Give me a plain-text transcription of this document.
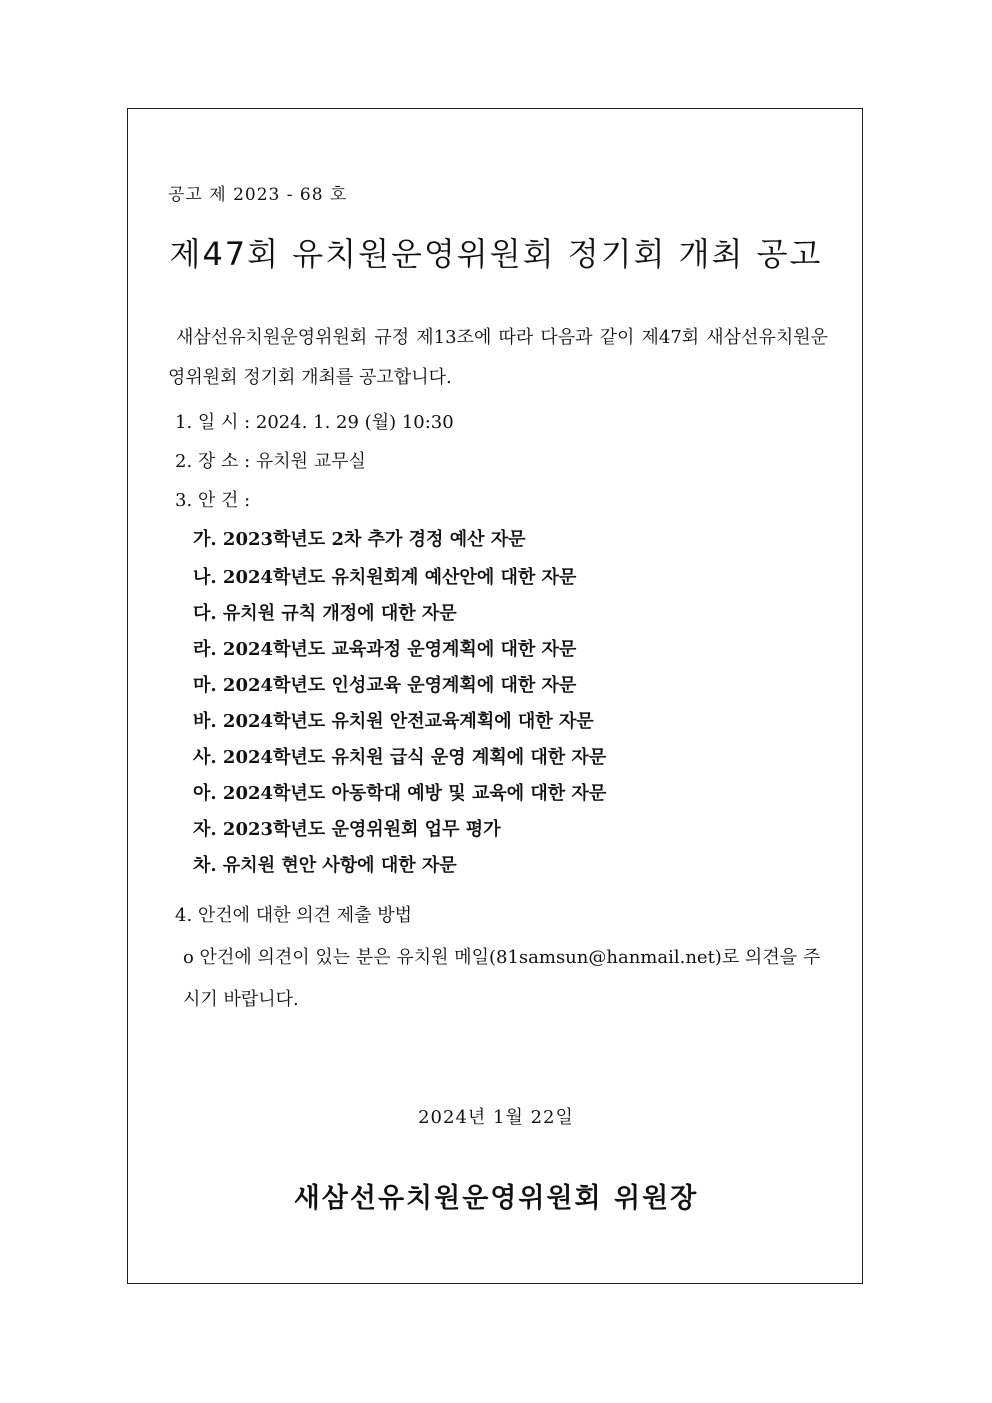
공고 제 2023 - 68 호
제47회 유치원운영위원회 정기회 개최 공고
새삼선유치원운영위원회 규정 제13조에 따라 다음과 같이 제47회 새삼선유치원운영위원회 정기회 개최를 공고합니다.
1. 일 시 : 2024. 1. 29 (월) 10:30
2. 장 소 : 유치원 교무실
3. 안 건 :
가. 2023학년도 2차 추가 경정 예산 자문
나. 2024학년도 유치원회계 예산안에 대한 자문
다. 유치원 규칙 개정에 대한 자문
라. 2024학년도 교육과정 운영계획에 대한 자문
마. 2024학년도 인성교육 운영계획에 대한 자문
바. 2024학년도 유치원 안전교육계획에 대한 자문
사. 2024학년도 유치원 급식 운영 계획에 대한 자문
아. 2024학년도 아동학대 예방 및 교육에 대한 자문
자. 2023학년도 운영위원회 업무 평가
차. 유치원 현안 사항에 대한 자문
4. 안건에 대한 의견 제출 방법
o 안건에 의견이 있는 분은 유치원 메일(81samsun@hanmail.net)로 의견을 주시기 바랍니다.
2024년 1월 22일
새삼선유치원운영위원회 위원장
